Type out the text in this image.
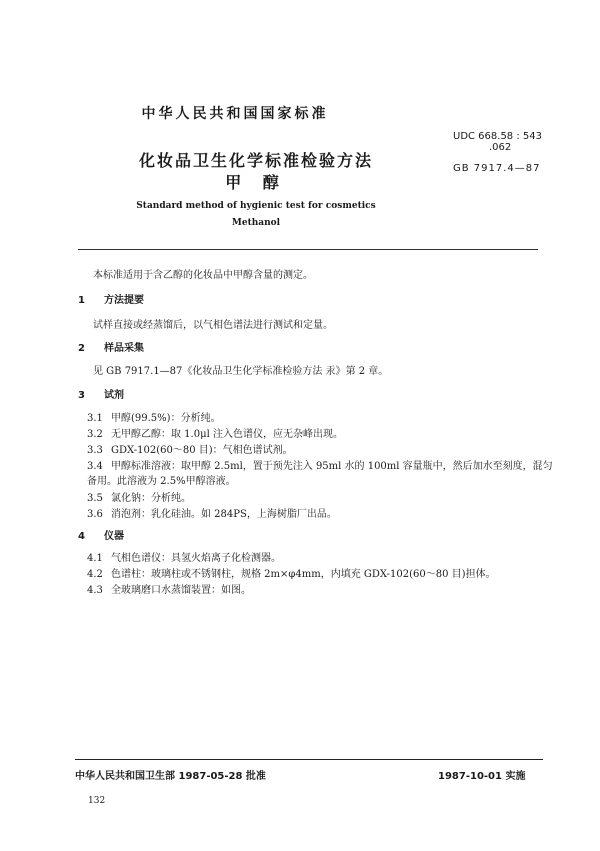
中华人民共和国国家标准
UDC 668.58 : 543
.062
GB 7917.4—87
化妆品卫生化学标准检验方法
甲 醇
Standard method of hygienic test for cosmetics
Methanol
本标准适用于含乙醇的化妆品中甲醇含量的测定。
1 方法提要
试样直接或经蒸馏后，以气相色谱法进行测试和定量。
2 样品采集
见 GB 7917.1—87《化妆品卫生化学标准检验方法 汞》第 2 章。
3 试剂
3.1 甲醇(99.5%)：分析纯。
3.2 无甲醇乙醇：取 1.0μl 注入色谱仪，应无杂峰出现。
3.3 GDX-102(60～80 目)：气相色谱试剂。
3.4 甲醇标准溶液：取甲醇 2.5ml，置于预先注入 95ml 水的 100ml 容量瓶中，然后加水至刻度，混匀
备用。此溶液为 2.5%甲醇溶液。
3.5 氯化钠：分析纯。
3.6 消泡剂：乳化硅油。如 284PS，上海树脂厂出品。
4 仪器
4.1 气相色谱仪：具氢火焰离子化检测器。
4.2 色谱柱：玻璃柱或不锈钢柱，规格 2m×φ4mm，内填充 GDX-102(60～80 目)担体。
4.3 全玻璃磨口水蒸馏装置：如图。
中华人民共和国卫生部 1987-05-28 批准	1987-10-01 实施
132
